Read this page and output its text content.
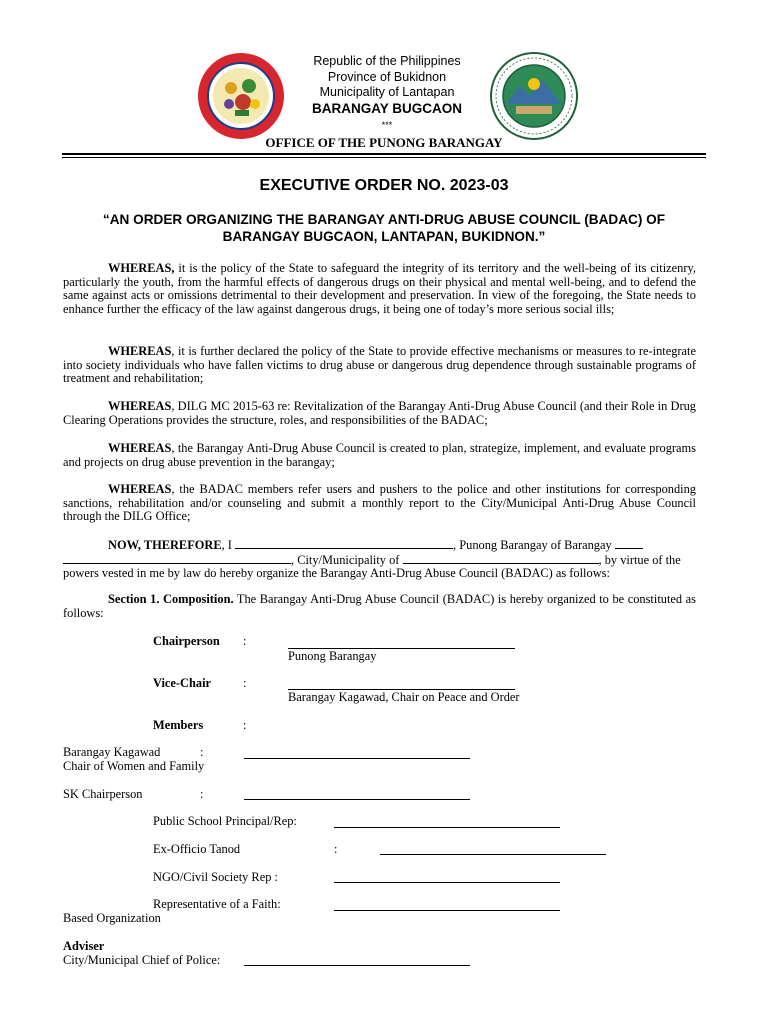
Republic of the Philippines
Province of Bukidnon
Municipality of Lantapan
BARANGAY BUGCAON
***
OFFICE OF THE PUNONG BARANGAY
EXECUTIVE ORDER NO. 2023-03
“AN ORDER ORGANIZING THE BARANGAY ANTI-DRUG ABUSE COUNCIL (BADAC) OF
BARANGAY BUGCAON, LANTAPAN, BUKIDNON.”
WHEREAS, it is the policy of the State to safeguard the integrity of its territory and the well-being of its citizenry, particularly the youth, from the harmful effects of dangerous drugs on their physical and mental well-being, and to defend the same against acts or omissions detrimental to their development and preservation. In view of the foregoing, the State needs to enhance further the efficacy of the law against dangerous drugs, it being one of today’s more serious social ills;
WHEREAS, it is further declared the policy of the State to provide effective mechanisms or measures to re-integrate into society individuals who have fallen victims to drug abuse or dangerous drug dependence through sustainable programs of treatment and rehabilitation;
WHEREAS, DILG MC 2015-63 re: Revitalization of the Barangay Anti-Drug Abuse Council (and their Role in Drug Clearing Operations provides the structure, roles, and responsibilities of the BADAC;
WHEREAS, the Barangay Anti-Drug Abuse Council is created to plan, strategize, implement, and evaluate programs and projects on drug abuse prevention in the barangay;
WHEREAS, the BADAC members refer users and pushers to the police and other institutions for corresponding sanctions, rehabilitation and/or counseling and submit a monthly report to the City/Municipal Anti-Drug Abuse Council through the DILG Office;
NOW, THEREFORE, I	, Punong Barangay of Barangay
, City/Municipality of	, by virtue of the
powers vested in me by law do hereby organize the Barangay Anti-Drug Abuse Council (BADAC) as follows:
Section 1. Composition. The Barangay Anti-Drug Abuse Council (BADAC) is hereby organized to be constituted as follows:
Chairperson :
Punong Barangay
Vice-Chair	:
Barangay Kagawad, Chair on Peace and Order
Members	:
Barangay Kagawad	:
Chair of Women and Family
SK Chairperson	:
Public School Principal/Rep:
Ex-Officio Tanod	:
NGO/Civil Society Rep :
Representative of a Faith:
Based Organization
Adviser
City/Municipal Chief of Police:
